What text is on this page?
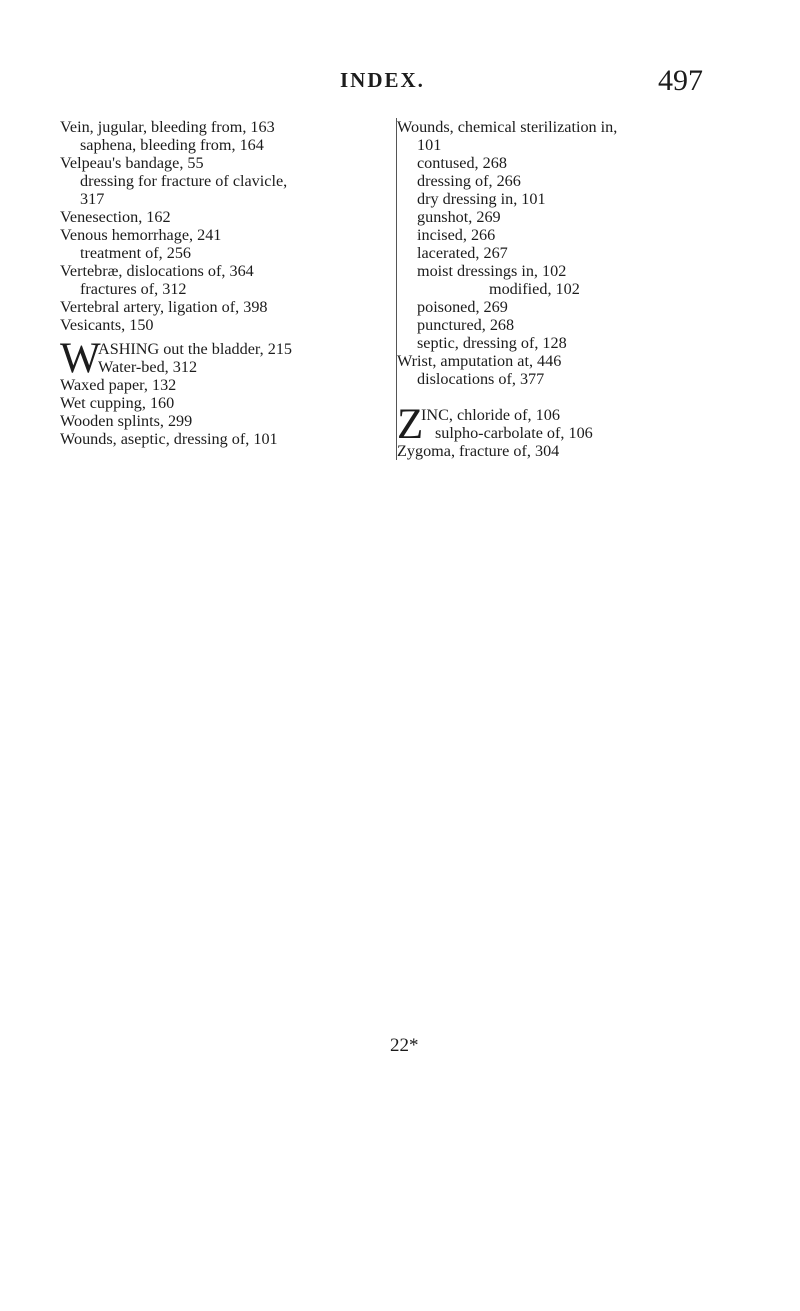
INDEX.	497
Vein, jugular, bleeding from, 163
saphena, bleeding from, 164
Velpeau's bandage, 55
dressing for fracture of clavicle,
317
Venesection, 162
Venous hemorrhage, 241
treatment of, 256
Vertebræ, dislocations of, 364
fractures of, 312
Vertebral artery, ligation of, 398
Vesicants, 150
W
ASHING out the bladder, 215
Water-bed, 312
Waxed paper, 132
Wet cupping, 160
Wooden splints, 299
Wounds, aseptic, dressing of, 101
Wounds, chemical sterilization in,
101
contused, 268
dressing of, 266
dry dressing in, 101
gunshot, 269
incised, 266
lacerated, 267
moist dressings in, 102
modified, 102
poisoned, 269
punctured, 268
septic, dressing of, 128
Wrist, amputation at, 446
dislocations of, 377
Z
INC, chloride of, 106
sulpho-carbolate of, 106
Zygoma, fracture of, 304
22*
